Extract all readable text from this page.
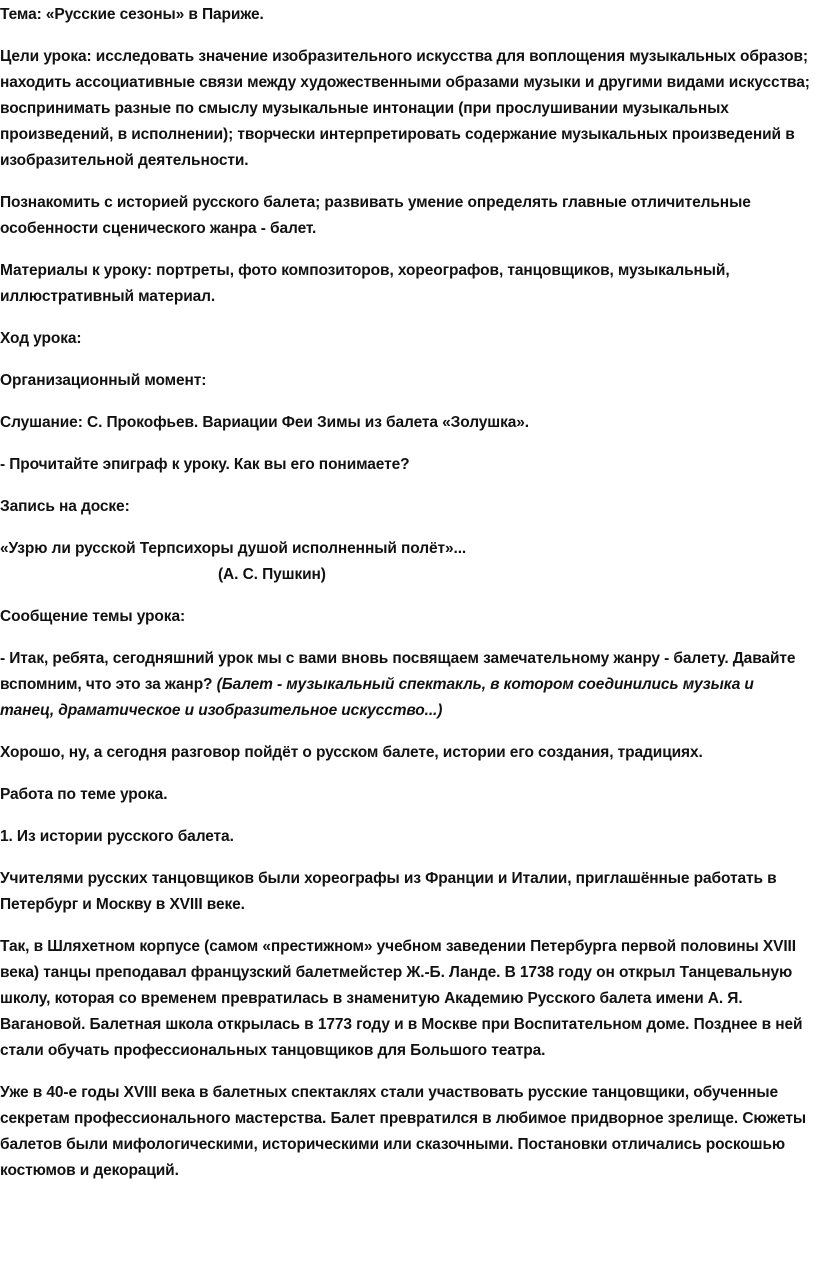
Тема: «Русские сезоны» в Париже.

Цели урока: исследовать значение изобразительного искусства для воплощения музыкальных образов; находить ассоциативные связи между художественными образами музыки и другими видами искусства; воспринимать разные по смыслу музыкальные интонации (при прослушивании музыкальных произведений, в исполнении); творчески интерпретировать содержание музыкальных произведений в изобразительной деятельности.

Познакомить с историей русского балета; развивать умение определять главные отличительные особенности сценического жанра - балет.

Материалы к уроку: портреты, фото композиторов, хореографов, танцовщиков, музыкальный, иллюстративный материал.

Ход урока:

Организационный момент:

Слушание: С. Прокофьев. Вариации Феи Зимы из балета «Золушка».

- Прочитайте эпиграф к уроку. Как вы его понимаете?

Запись на доске:

«Узрю ли русской Терпсихоры душой исполненный полёт»...

(А. С. Пушкин)

Сообщение темы урока:

- Итак, ребята, сегодняшний урок мы с вами вновь посвящаем замечательному жанру - балету. Давайте вспомним, что это за жанр? (Балет - музыкальный спектакль, в котором соединились музыка и танец, драматическое и изобразительное искусство...)

Хорошо, ну, а сегодня разговор пойдёт о русском балете, истории его создания, традициях.

Работа по теме урока.

1. Из истории русского балета.

Учителями русских танцовщиков были хореографы из Франции и Италии, приглашённые работать в Петербург и Москву в XVIII веке.

Так, в Шляхетном корпусе (самом «престижном» учебном заведении Петербурга первой половины XVIII века) танцы преподавал французский балетмейстер Ж.-Б. Ланде. В 1738 году он открыл Танцевальную школу, которая со временем превратилась в знаменитую Академию Русского балета имени А. Я. Вагановой. Балетная школа открылась в 1773 году и в Москве при Воспитательном доме. Позднее в ней стали обучать профессиональных танцовщиков для Большого театра.

Уже в 40-е годы XVIII века в балетных спектаклях стали участвовать русские танцовщики, обученные секретам профессионального мастерства. Балет превратился в любимое придворное зрелище. Сюжеты балетов были мифологическими, историческими или сказочными. Постановки отличались роскошью костюмов и декораций.
